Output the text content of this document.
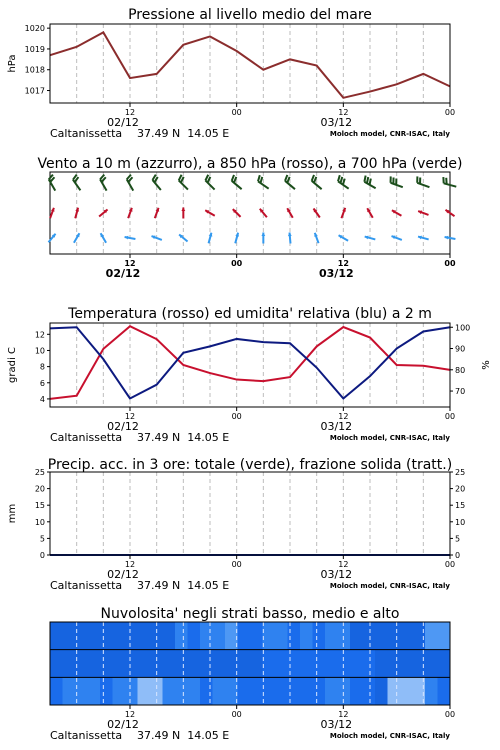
Pressione al livello medio del mare
1017
1018
1019
1020
hPa
12	00	12	00
02/12	03/12
Caltanissetta 37.49 N  14.05 E	Moloch model, CNR-ISAC, Italy
Vento a 10 m (azzurro), a 850 hPa (rosso), a 700 hPa (verde)
12	00	12	00
02/12	03/12
Temperatura (rosso) ed umidita' relativa (blu) a 2 m
4
6
8
10
12
70
80
90
100
gradi C	%
12	00	12	00
02/12	03/12
Caltanissetta 37.49 N  14.05 E	Moloch model, CNR-ISAC, Italy
Precip. acc. in 3 ore: totale (verde), frazione solida (tratt.)
0
5
10
15
20
25
0
5
10
15
20
25
mm
12	00	12	00
02/12	03/12
Caltanissetta 37.49 N  14.05 E	Moloch model, CNR-ISAC, Italy
Nuvolosita' negli strati basso, medio e alto
12	00	12	00
02/12	03/12
Caltanissetta 37.49 N  14.05 E	Moloch model, CNR-ISAC, Italy
